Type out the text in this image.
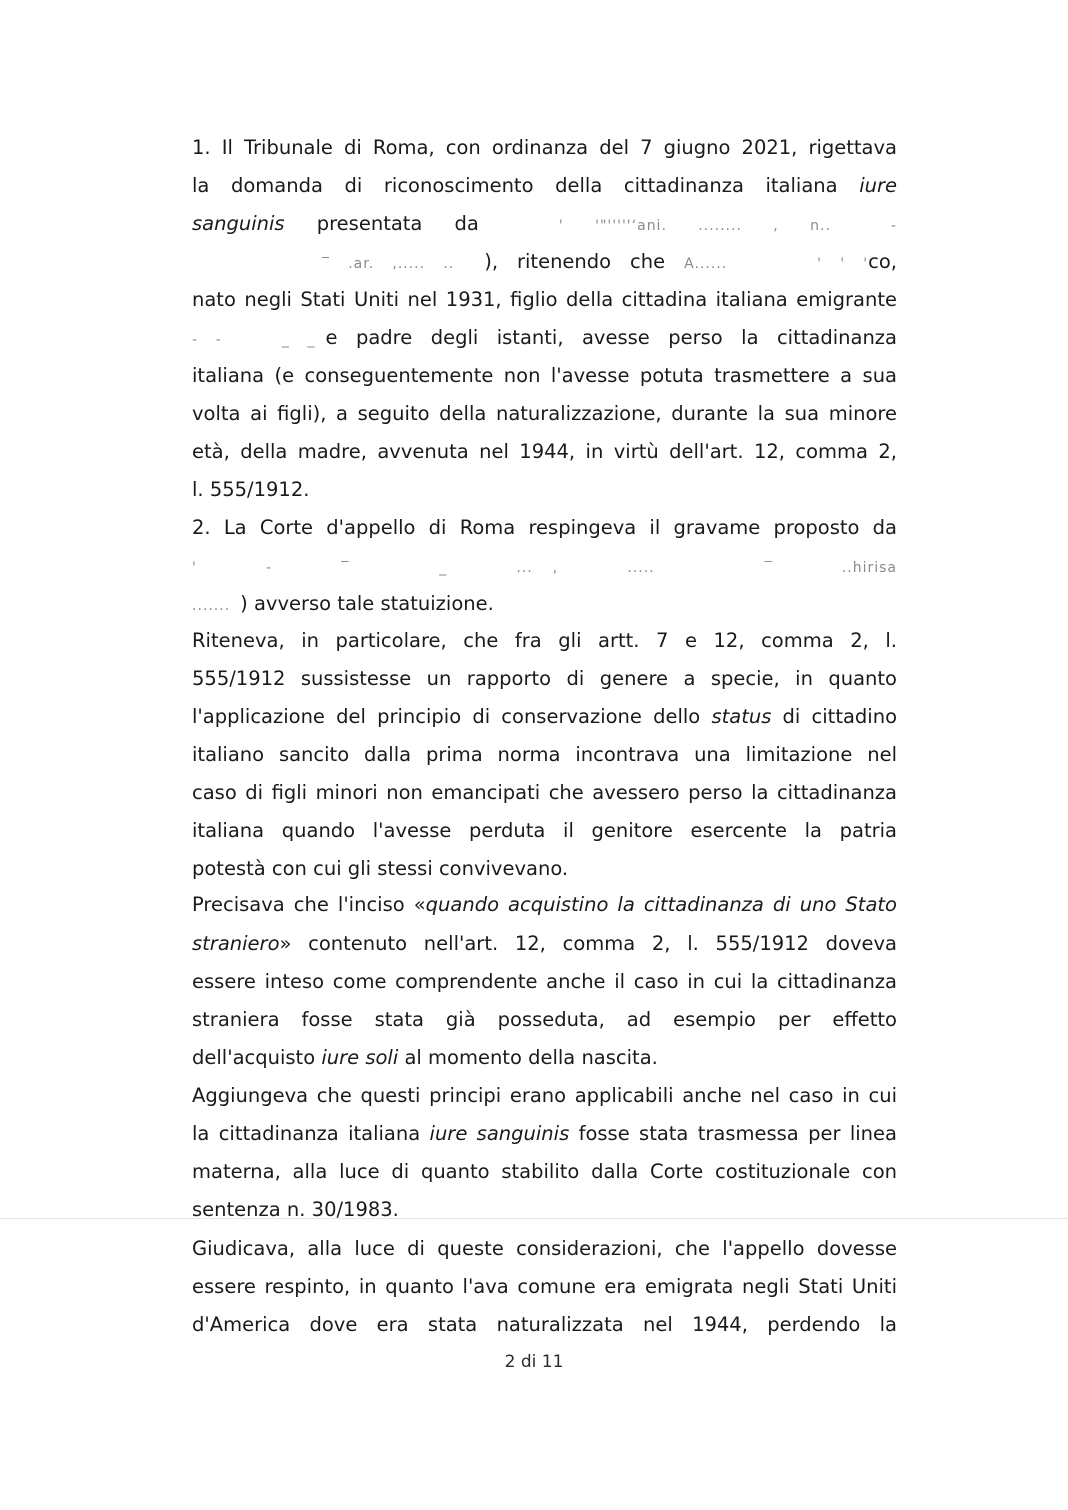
1. Il Tribunale di Roma, con ordinanza del 7 giugno 2021, rigettava
la domanda di riconoscimento della cittadinanza italiana iure
sanguinis presentata da	' '"'''''‘ani. ........ , n..	-
‾ .ar. ,..... .. ), ritenendo che A......	' ' 'co,
nato negli Stati Uniti nel 1931, figlio della cittadina italiana emigrante
- -	_ _ e padre degli istanti, avesse perso la cittadinanza
italiana (e conseguentemente non l'avesse potuta trasmettere a sua
volta ai figli), a seguito della naturalizzazione, durante la sua minore
età, della madre, avvenuta nel 1944, in virtù dell'art. 12, comma 2,
l. 555/1912.
2. La Corte d'appello di Roma respingeva il gravame proposto da
' - ‾	_ ... , .....	‾ ..hirisa
....... ) avverso tale statuizione.
Riteneva, in particolare, che fra gli artt. 7 e 12, comma 2, l.
555/1912 sussistesse un rapporto di genere a specie, in quanto
l'applicazione del principio di conservazione dello status di cittadino
italiano sancito dalla prima norma incontrava una limitazione nel
caso di figli minori non emancipati che avessero perso la cittadinanza
italiana quando l'avesse perduta il genitore esercente la patria
potestà con cui gli stessi convivevano.
Precisava che l'inciso «quando acquistino la cittadinanza di uno Stato
straniero» contenuto nell'art. 12, comma 2, l. 555/1912 doveva
essere inteso come comprendente anche il caso in cui la cittadinanza
straniera fosse stata già posseduta, ad esempio per effetto
dell'acquisto iure soli al momento della nascita.
Aggiungeva che questi principi erano applicabili anche nel caso in cui
la cittadinanza italiana iure sanguinis fosse stata trasmessa per linea
materna, alla luce di quanto stabilito dalla Corte costituzionale con
sentenza n. 30/1983.
Giudicava, alla luce di queste considerazioni, che l'appello dovesse
essere respinto, in quanto l'ava comune era emigrata negli Stati Uniti
d'America dove era stata naturalizzata nel 1944, perdendo la
2 di 11
